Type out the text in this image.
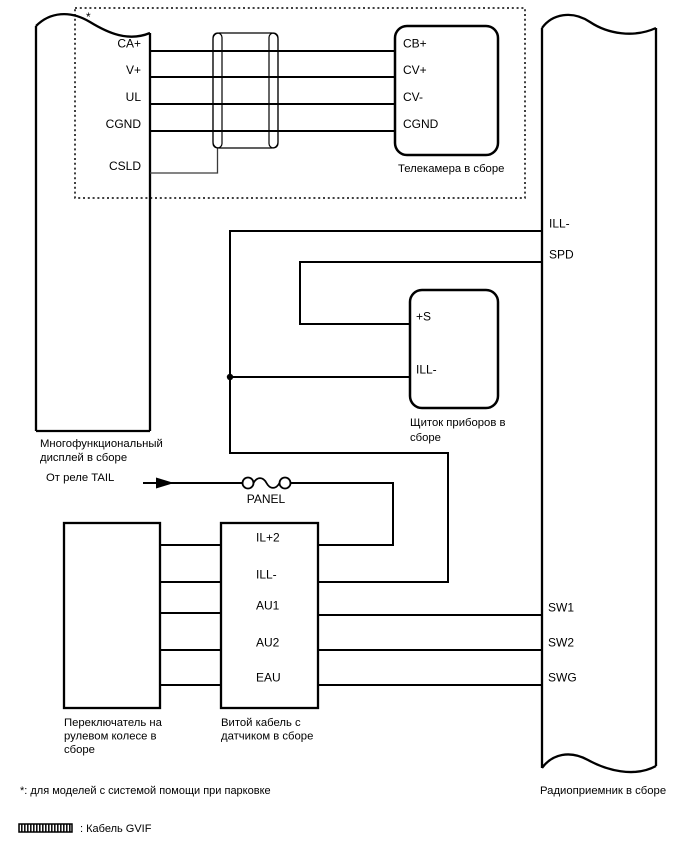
*
CA+
V+
UL
CGND
CSLD
Многофункциональный
дисплей в сборе
CB+
CV+
CV-
CGND
Телекамера в сборе
ILL-
SPD
SW1
SW2
SWG
Радиоприемник в сборе
+S
ILL-
Щиток приборов в
сборе
От реле TAIL
PANEL
Переключатель на
рулевом колесе в
сборе
IL+2
ILL-
AU1
AU2
EAU
Витой кабель с
датчиком в сборе
*: для моделей с системой помощи при парковке
: Кабель GVIF
